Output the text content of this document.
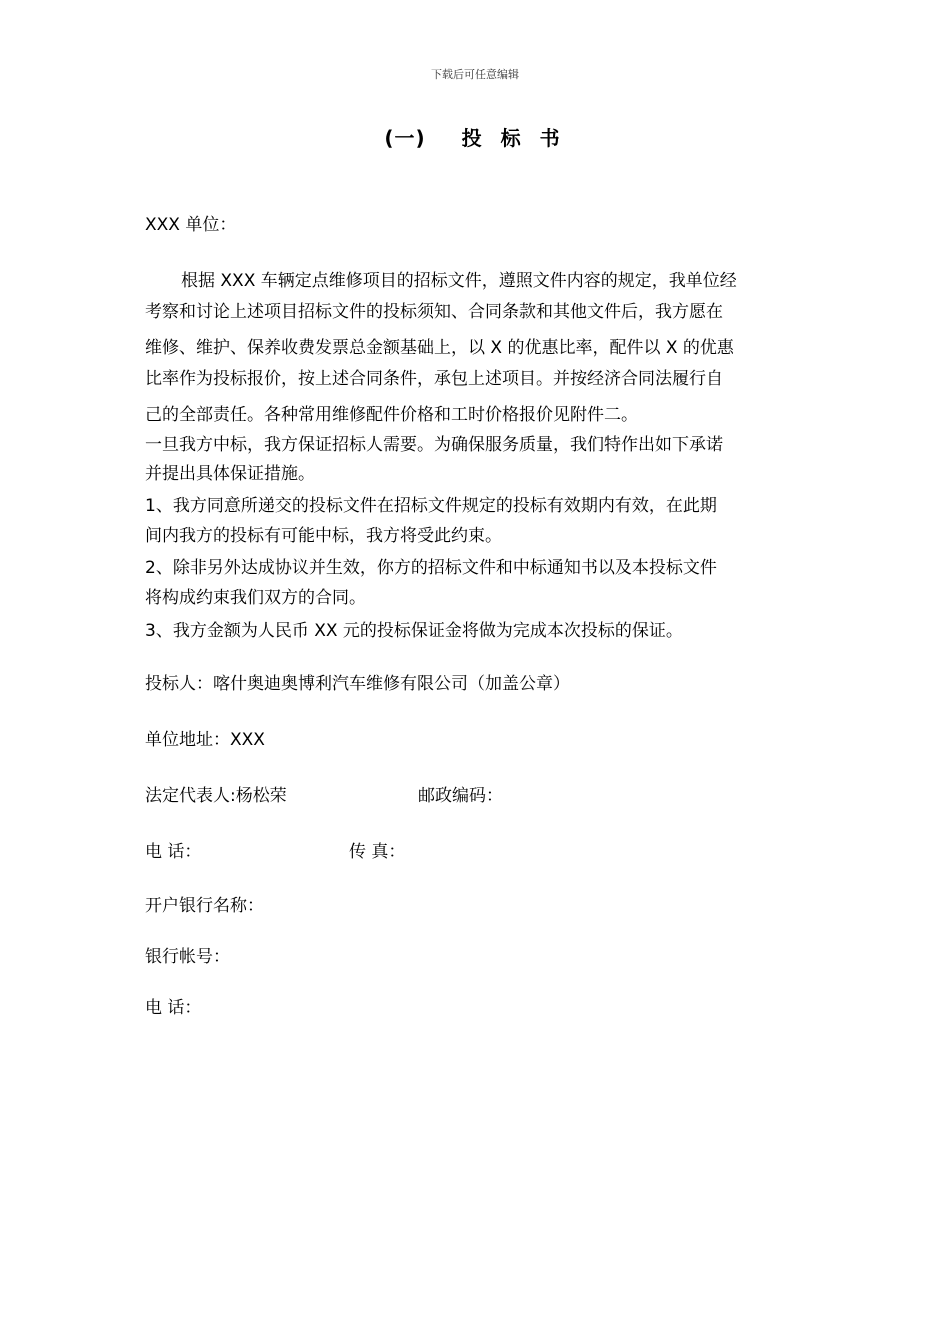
下载后可任意编辑
(一) 投 标 书
XXX 单位：
根据 XXX 车辆定点维修项目的招标文件，遵照文件内容的规定，我单位经
考察和讨论上述项目招标文件的投标须知、合同条款和其他文件后，我方愿在
维修、维护、保养收费发票总金额基础上，以 X 的优惠比率，配件以 X 的优惠
比率作为投标报价，按上述合同条件，承包上述项目。并按经济合同法履行自
己的全部责任。各种常用维修配件价格和工时价格报价见附件二。
一旦我方中标，我方保证招标人需要。为确保服务质量，我们特作出如下承诺
并提出具体保证措施。
1、我方同意所递交的投标文件在招标文件规定的投标有效期内有效，在此期
间内我方的投标有可能中标，我方将受此约束。
2、除非另外达成协议并生效，你方的招标文件和中标通知书以及本投标文件
将构成约束我们双方的合同。
3、我方金额为人民币 XX 元的投标保证金将做为完成本次投标的保证。
投标人：喀什奥迪奥博利汽车维修有限公司（加盖公章）
单位地址：XXX
法定代表人:杨松荣	邮政编码：
电 话：	传 真：
开户银行名称：
银行帐号：
电 话：
